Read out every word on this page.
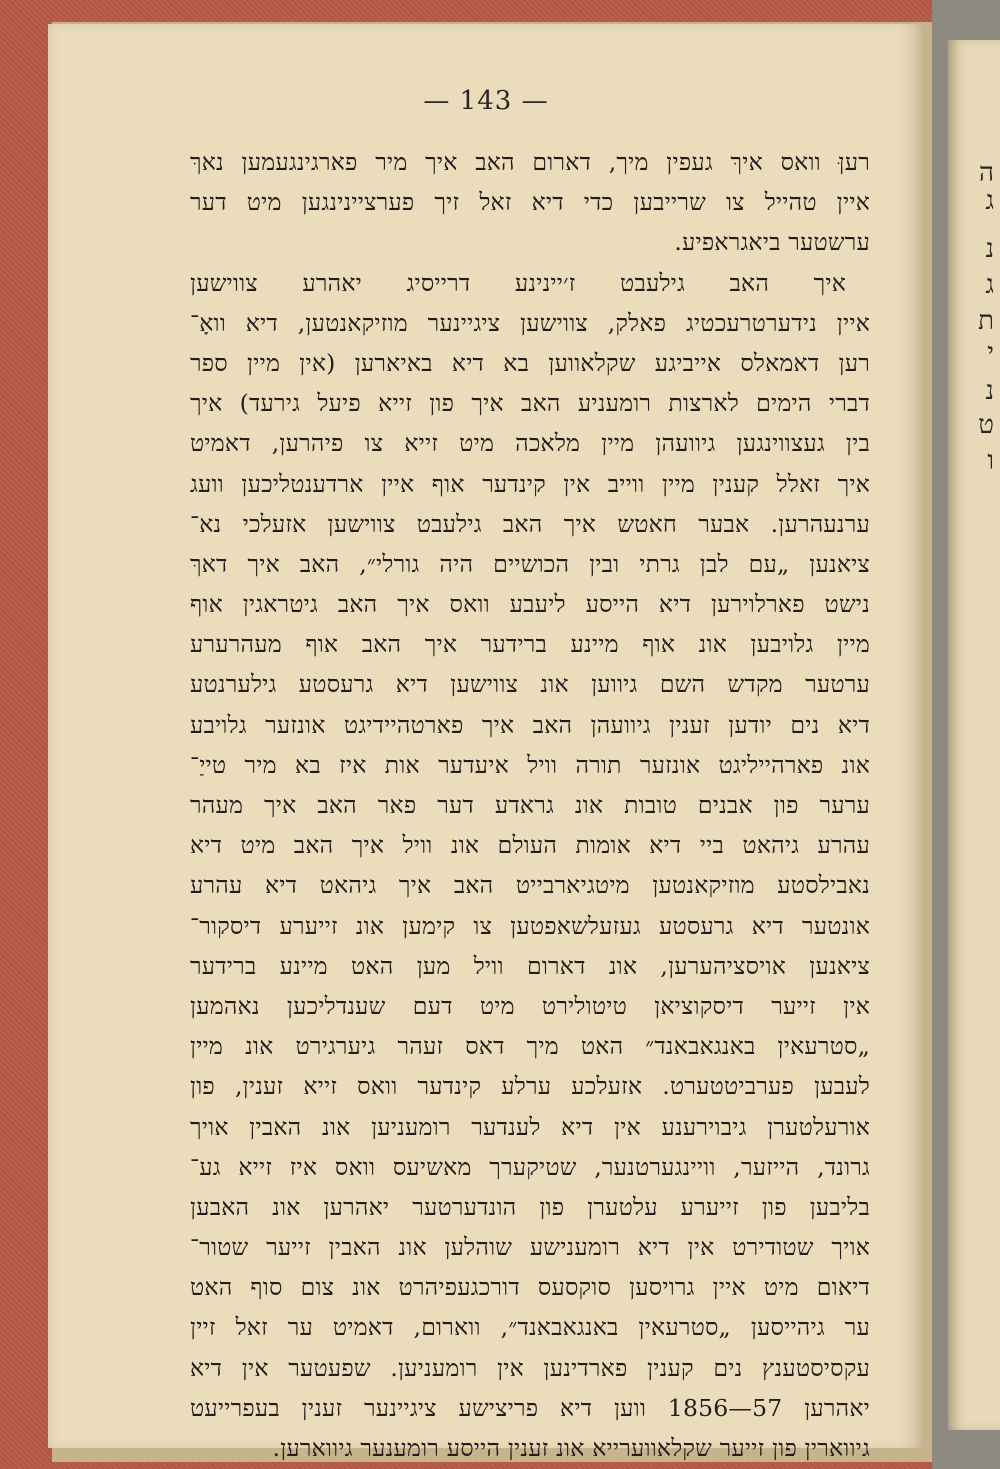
ה
ג
נ
ג
ת
י
נ
ט
ו
— 143 —
רעןּ וואס איךּ געפין מיך, דארום האב איך מיר פארגינגעמען נאךּ
איין טהייל צו שרייבען כדי דיא זאל זיך פערציינינגען מיט דער
ערשטער ביאגראפיע.
איך האב גילעבט ז׳יינינע דרייסיג יאהרע צווישען
איין נידערטרעכטיג פאלק, צווישען ציגיינער מוזיקאנטען, דיא וואָ־
רען דאמאלס אייביגע שקלאווען בא דיא באיארען (אין מיין ספר
דברי הימים לארצות רומעניע האב איך פון זייא פיעל גירעד) איך
בין געצווינגען גיוועהן מיין מלאכה מיט זייא צו פיהרען, דאמיט
איך זאלל קענין מיין ווייב אין קינדער אוף איין ארדענטליכען וועג
ערנעהרען. אבער חאטש איך האב גילעבט צווישען אזעלכי נא־
ציאנען „עם לבן גרתי ובין הכושיים היה גורלי״, האב איך דאךּ
נישט פארלוירען דיא הייסע ליעבע וואס איך האב גיטראגין אוף
מיין גלויבען אונ אוף מיינע ברידער איך האב אוף מעהרערע
ערטער מקדש השם גיווען אונ צווישען דיא גרעסטע גילערנטע
דיא נים יודען זענין גיוועהן האב איך פארטהיידיגט אונזער גלויבע
אונ פארהייליגט אונזער תורה וויל איעדער אות איז בא מיר טייַ־
ערער פון אבנים טובות אונ גראדע דער פאר האב איך מעהר
עהרע גיהאט ביי דיא אומות העולם אונ וויל איך האב מיט דיא
נאבילסטע מוזיקאנטען מיטגיארבייט האב איך גיהאט דיא עהרע
אונטער דיא גרעסטע געזעלשאפטען צו קימען אונ זייערע דיסקור־
ציאנען אויסציהערען, אונ דארום וויל מען האט מיינע ברידער
אין זייער דיסקוציאן טיטולירט מיט דעם שענדליכען נאהמען
„סטרעאין באנגאבאנד״ האט מיך דאס זעהר גיערגירט אונ מיין
לעבען פערביטטערט. אזעלכע ערלע קינדער וואס זייא זענין, פון
אורעלטערן גיבוירענע אין דיא לענדער רומעניען אונ האבין אויך
גרונד, הייזער, וויינגערטנער, שטיקערך מאשיעס וואס איז זייא גע־
בליבען פון זייערע עלטערן פון הונדערטער יאהרען אונ האבען
אויך שטודירט אין דיא רומענישע שוהלען אונ האבין זייער שטור־
דיאום מיט איין גרויסען סוקסעס דורכגעפיהרט אונ צום סוף האט
ער גיהייסען „סטרעאין באנגאבאנד״, ווארום, דאמיט ער זאל זיין
עקסיסטענץ נים קענין פארדינען אין רומעניען. שפעטער אין דיא
יאהרען 57—1856 ווען דיא פריצישע ציגיינער זענין בעפרייעט
גיווארין פון זייער שקלאווערייא אונ זענין הייסע רומענער גיווארען.
